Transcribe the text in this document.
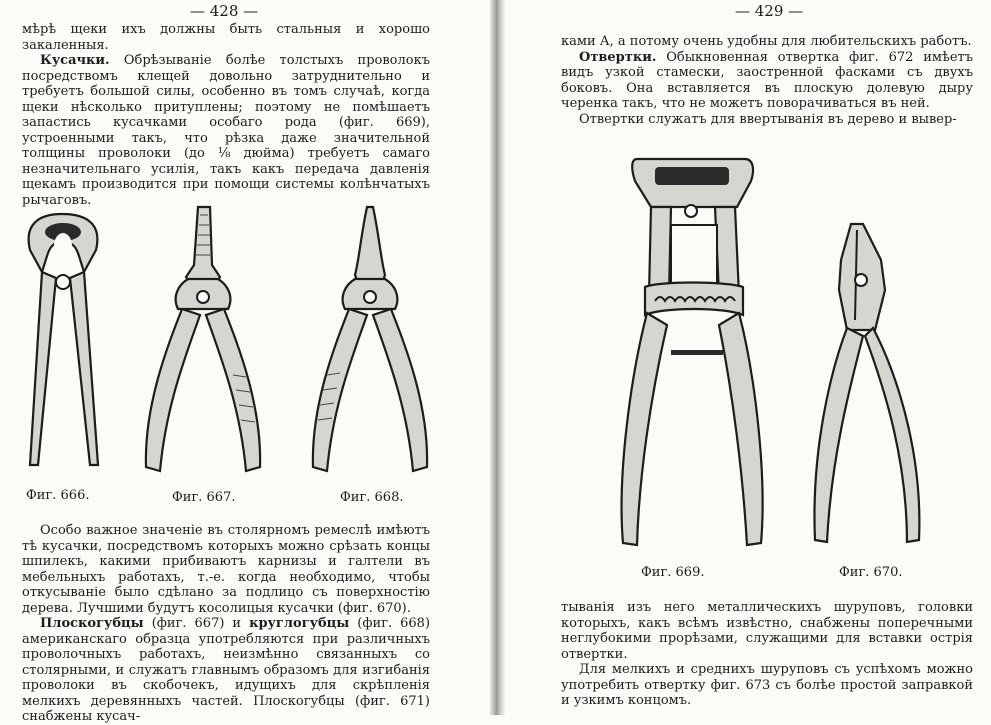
— 428 —

мѣрѣ щеки ихъ должны быть стальныя и хорошо закаленныя.

Кусачки. Обрѣзываніе болѣе толстыхъ проволокъ посредствомъ клещей довольно затруднительно и требуетъ большой силы, особенно въ томъ случаѣ, когда щеки нѣсколько притуплены; поэтому не помѣшаетъ запастись кусачками особаго рода (фиг. 669), устроенными такъ, что рѣзка даже значительной толщины проволоки (до ⅛ дюйма) требуетъ самаго незначительнаго усилія, такъ какъ передача давленія щекамъ производится при помощи системы колѣнчатыхъ рычаговъ.

Фиг. 666.	Фиг. 667.	Фиг. 668.

Особо важное значеніе въ столярномъ ремеслѣ имѣютъ тѣ кусачки, посредствомъ которыхъ можно срѣзать концы шпилекъ, какими прибиваютъ карнизы и галтели въ мебельныхъ работахъ, т.-е. когда необходимо, чтобы откусываніе было сдѣлано за подлицо съ поверхностію дерева. Лучшими будутъ косолицыя кусачки (фиг. 670).

Плоскогубцы (фиг. 667) и круглогубцы (фиг. 668) американскаго образца употребляются при различныхъ проволочныхъ работахъ, неизмѣнно связанныхъ со столярными, и служатъ главнымъ образомъ для изгибанія проволоки въ скобочекъ, идущихъ для скрѣпленія мелкихъ деревянныхъ частей. Плоскогубцы (фиг. 671) снабжены кусач-

— 429 —

ками А, а потому очень удобны для любительскихъ работъ.

Отвертки. Обыкновенная отвертка фиг. 672 имѣетъ видъ узкой стамески, заостренной фасками съ двухъ боковъ. Она вставляется въ плоскую долевую дыру черенка такъ, что не можетъ поворачиваться въ ней.

Отвертки служатъ для ввертыванія въ дерево и вывер-

Фиг. 669.	Фиг. 670.

тыванія изъ него металлическихъ шуруповъ, головки которыхъ, какъ всѣмъ извѣстно, снабжены поперечными неглубокими прорѣзами, служащими для вставки острія отвертки.

Для мелкихъ и среднихъ шуруповъ съ успѣхомъ можно употребить отвертку фиг. 673 съ болѣе простой заправкой и узкимъ концомъ.
